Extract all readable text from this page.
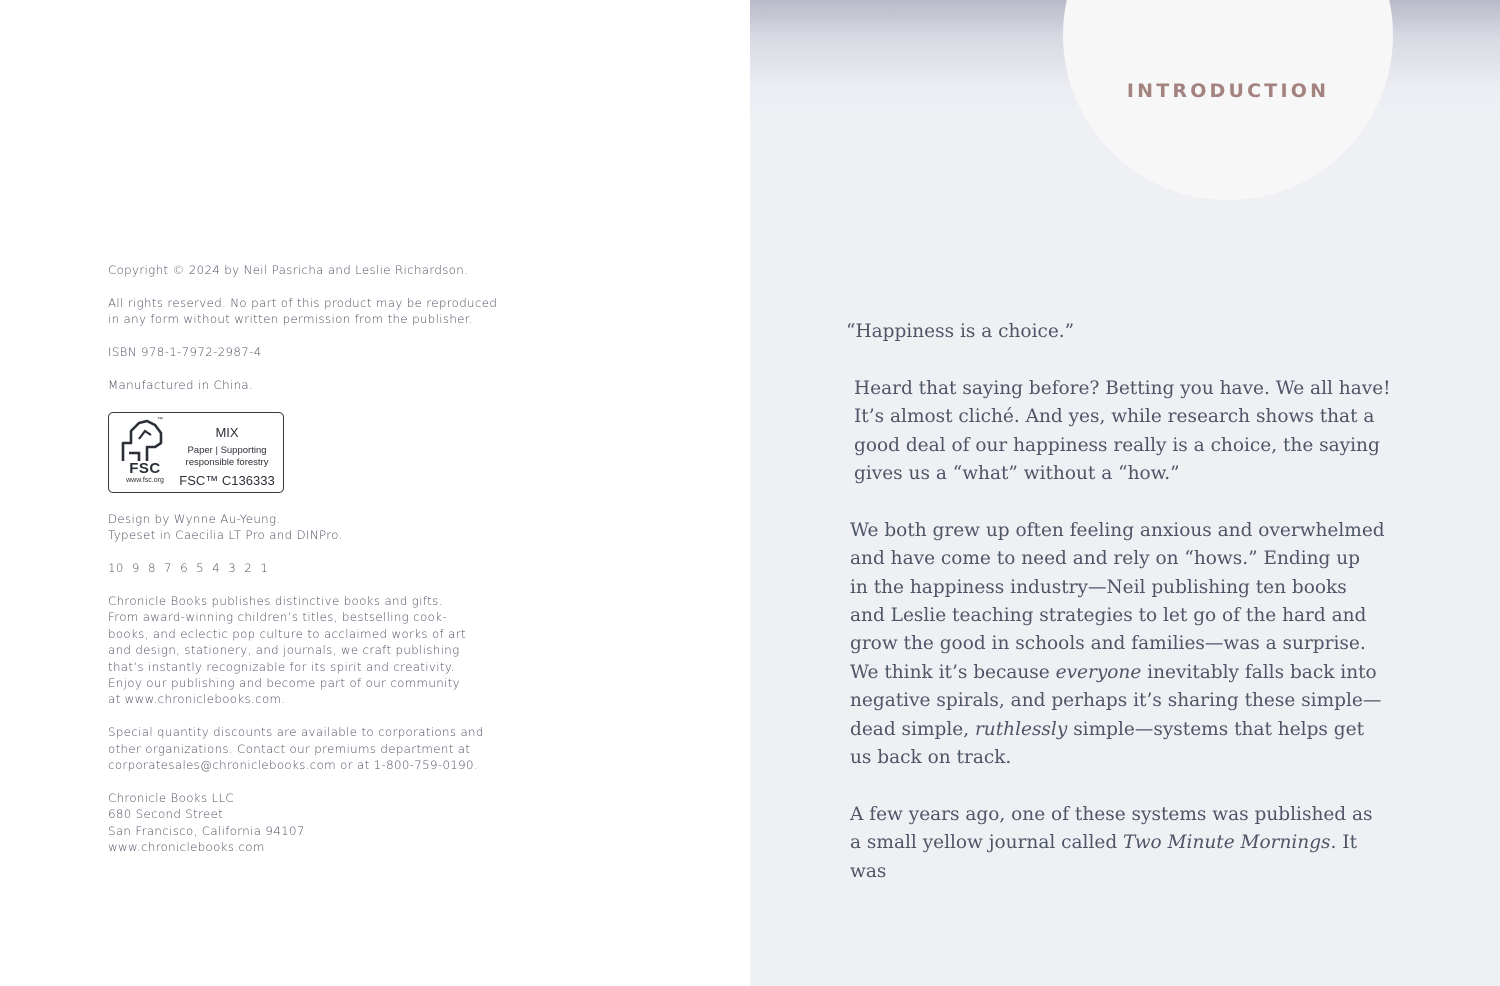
Copyright © 2024 by Neil Pasricha and Leslie Richardson.

All rights reserved. No part of this product may be reproduced

in any form without written permission from the publisher.

ISBN 978-1-7972-2987-4

Manufactured in China.

™
FSC
www.fsc.org
MIX
Paper | Supporting
responsible forestry
FSC™ C136333

Design by Wynne Au-Yeung.

Typeset in Caecilia LT Pro and DINPro.

10  9  8  7  6  5  4  3  2  1

Chronicle Books publishes distinctive books and gifts.

From award-winning children’s titles, bestselling cook-

books, and eclectic pop culture to acclaimed works of art

and design, stationery, and journals, we craft publishing

that’s instantly recognizable for its spirit and creativity.

Enjoy our publishing and become part of our community

at www.chroniclebooks.com.

Special quantity discounts are available to corporations and

other organizations. Contact our premiums department at

corporatesales@chroniclebooks.com or at 1-800-759-0190.

Chronicle Books LLC

680 Second Street

San Francisco, California 94107

www.chroniclebooks.com

INTRODUCTION

“Happiness is a choice.”

Heard that saying before? Betting you have. We all have!
It’s almost cliché. And yes, while research shows that a
good deal of our happiness really is a choice, the saying
gives us a “what” without a “how.”

We both grew up often feeling anxious and overwhelmed
and have come to need and rely on “hows.” Ending up
in the happiness industry—Neil publishing ten books
and Leslie teaching strategies to let go of the hard and
grow the good in schools and families—was a surprise.
We think it’s because everyone inevitably falls back into
negative spirals, and perhaps it’s sharing these simple—
dead simple, ruthlessly simple—systems that helps get
us back on track.

A few years ago, one of these systems was published as
a small yellow journal called Two Minute Mornings. It was
